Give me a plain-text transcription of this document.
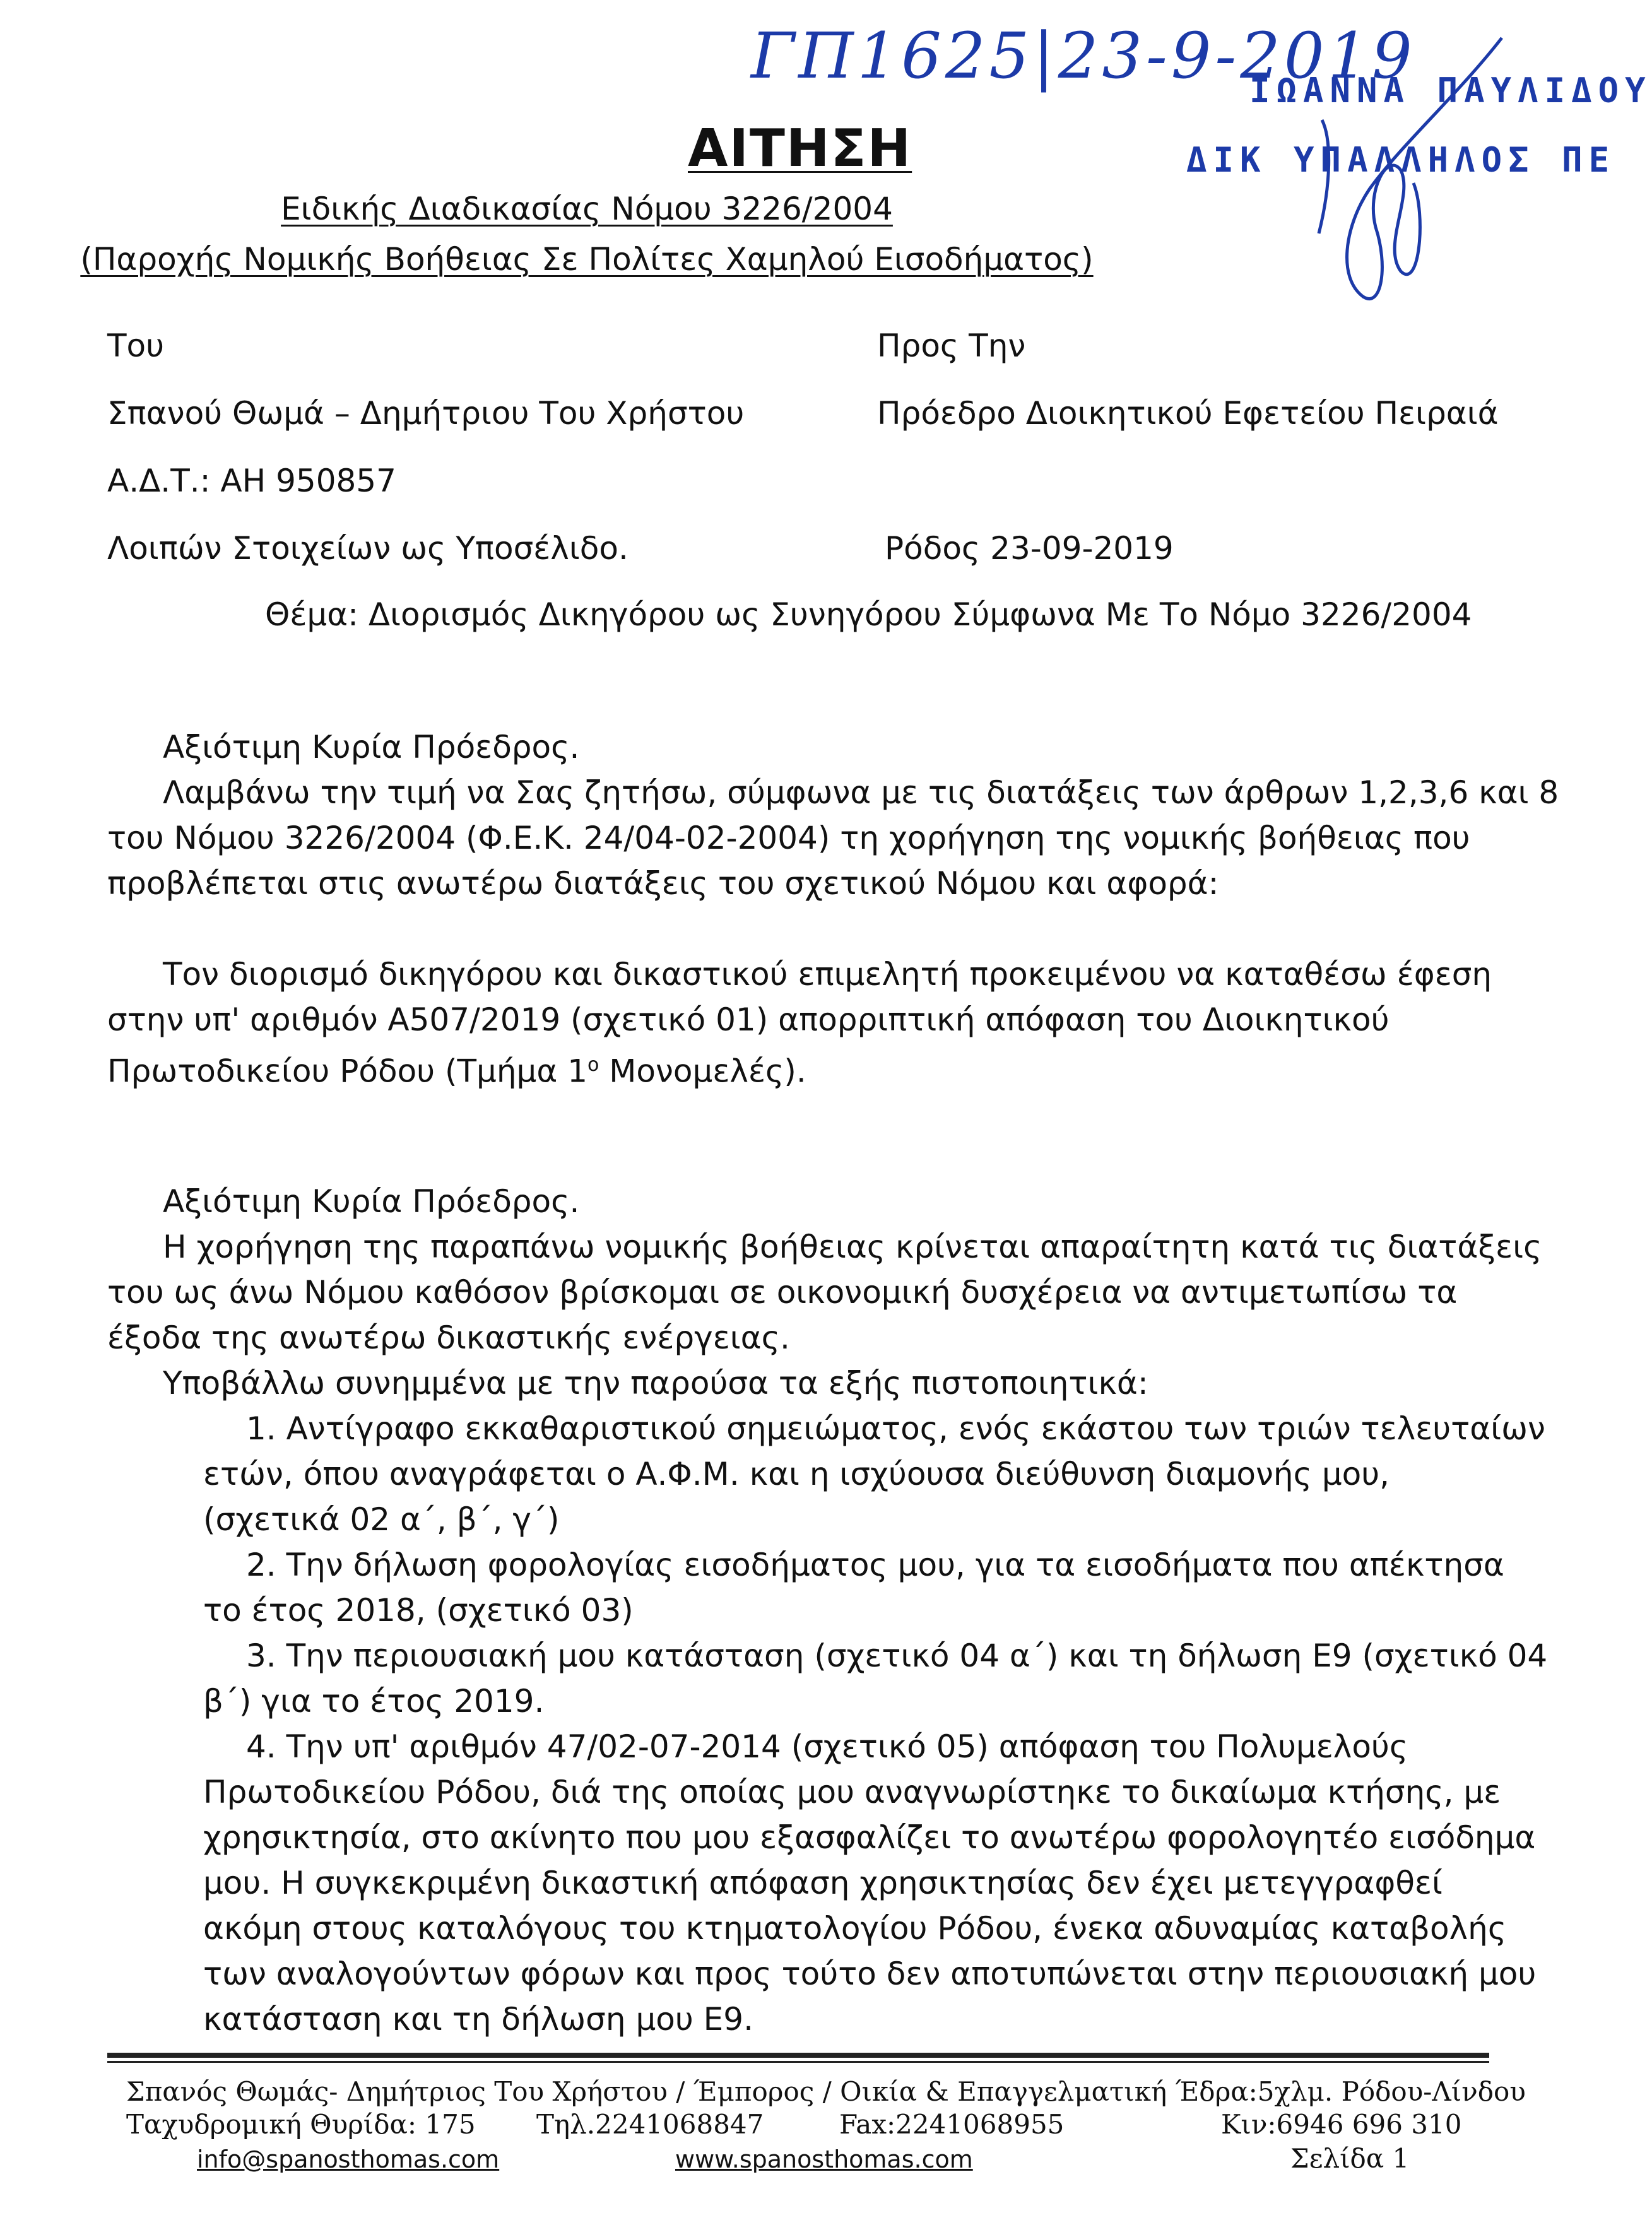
ΓΠ1625|23-9-2019
ΙΩΑΝΝΑ ΠΑΥΛΙΔΟΥ
ΔΙΚ ΥΠΑΛΛΗΛΟΣ ΠΕ
ΑΙΤΗΣΗ
Ειδικής Διαδικασίας Νόμου 3226/2004
(Παροχής Νομικής Βοήθειας Σε Πολίτες Χαμηλού Εισοδήματος)
Του
Σπανού Θωμά – Δημήτριου Του Χρήστου
Α.Δ.Τ.: ΑΗ 950857
Λοιπών Στοιχείων ως Υποσέλιδο.
Προς Την
Πρόεδρο Διοικητικού Εφετείου Πειραιά

Ρόδος 23-09-2019
Θέμα: Διορισμός Δικηγόρου ως Συνηγόρου Σύμφωνα Με Το Νόμο 3226/2004
Αξιότιμη Κυρία Πρόεδρος.

Λαμβάνω την τιμή να Σας ζητήσω, σύμφωνα με τις διατάξεις των άρθρων 1,2,3,6 και 8

του Νόμου 3226/2004 (Φ.Ε.Κ. 24/04-02-2004) τη χορήγηση της νομικής βοήθειας που

προβλέπεται στις ανωτέρω διατάξεις του σχετικού Νόμου και αφορά:

Τον διορισμό δικηγόρου και δικαστικού επιμελητή προκειμένου να καταθέσω έφεση

στην υπ' αριθμόν Α507/2019 (σχετικό 01) απορριπτική απόφαση του Διοικητικού

Πρωτοδικείου Ρόδου (Τμήμα $1^o$ Μονομελές).

Αξιότιμη Κυρία Πρόεδρος.

Η χορήγηση της παραπάνω νομικής βοήθειας κρίνεται απαραίτητη κατά τις διατάξεις

του ως άνω Νόμου καθόσον βρίσκομαι σε οικονομική δυσχέρεια να αντιμετωπίσω τα

έξοδα της ανωτέρω δικαστικής ενέργειας.

Υποβάλλω συνημμένα με την παρούσα τα εξής πιστοποιητικά:

1. Αντίγραφο εκκαθαριστικού σημειώματος, ενός εκάστου των τριών τελευταίων

ετών, όπου αναγράφεται ο Α.Φ.Μ. και η ισχύουσα διεύθυνση διαμονής μου,

(σχετικά 02 α΄, β΄, γ΄)

2. Την δήλωση φορολογίας εισοδήματος μου, για τα εισοδήματα που απέκτησα

το έτος 2018, (σχετικό 03)

3. Την περιουσιακή μου κατάσταση (σχετικό 04 α΄) και τη δήλωση Ε9 (σχετικό 04

β΄) για το έτος 2019.

4. Την υπ' αριθμόν 47/02-07-2014 (σχετικό 05) απόφαση του Πολυμελούς

Πρωτοδικείου Ρόδου, διά της οποίας μου αναγνωρίστηκε το δικαίωμα κτήσης, με

χρησικτησία, στο ακίνητο που μου εξασφαλίζει το ανωτέρω φορολογητέο εισόδημα

μου. Η συγκεκριμένη δικαστική απόφαση χρησικτησίας δεν έχει μετεγγραφθεί

ακόμη στους καταλόγους του κτηματολογίου Ρόδου, ένεκα αδυναμίας καταβολής

των αναλογούντων φόρων και προς τούτο δεν αποτυπώνεται στην περιουσιακή μου

κατάσταση και τη δήλωση μου Ε9.

Σπανός Θωμάς- Δημήτριος Του Χρήστου / Έμπορος / Οικία & Επαγγελματική Έδρα:5χλμ. Ρόδου-Λίνδου
Ταχυδρομική Θυρίδα: 175 Τηλ.2241068847	Fax:2241068955	Κιν:6946 696 310
info@spanosthomas.com	www.spanosthomas.com	Σελίδα 1
